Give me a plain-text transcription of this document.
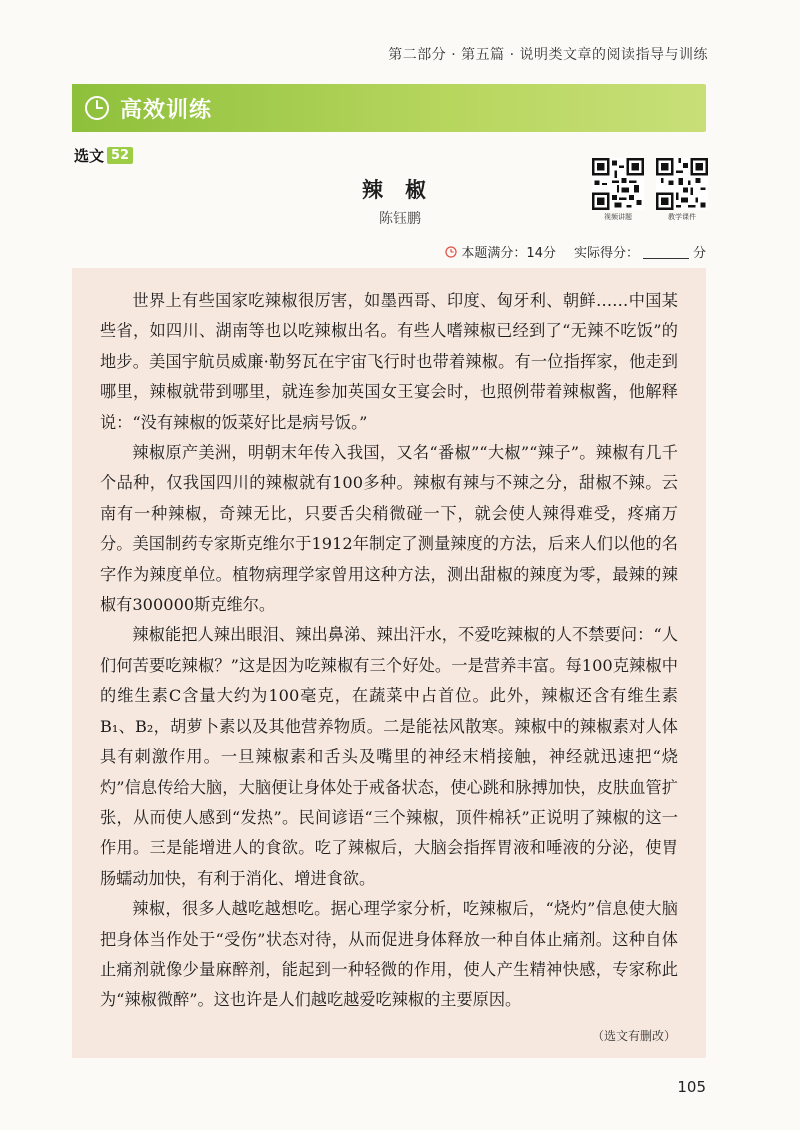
第二部分 · 第五篇 · 说明类文章的阅读指导与训练
高效训练
选文 52
辣椒
陈钰鹏	视频讲题	教学课件
本题满分：14分 实际得分：	分

世界上有些国家吃辣椒很厉害，如墨西哥、印度、匈牙利、朝鲜……中国某些省，如四川、湖南等也以吃辣椒出名。有些人嗜辣椒已经到了“无辣不吃饭”的地步。美国宇航员威廉·勒努瓦在宇宙飞行时也带着辣椒。有一位指挥家，他走到哪里，辣椒就带到哪里，就连参加英国女王宴会时，也照例带着辣椒酱，他解释说：“没有辣椒的饭菜好比是病号饭。”

辣椒原产美洲，明朝末年传入我国，又名“番椒”“大椒”“辣子”。辣椒有几千个品种，仅我国四川的辣椒就有100多种。辣椒有辣与不辣之分，甜椒不辣。云南有一种辣椒，奇辣无比，只要舌尖稍微碰一下，就会使人辣得难受，疼痛万分。美国制药专家斯克维尔于1912年制定了测量辣度的方法，后来人们以他的名字作为辣度单位。植物病理学家曾用这种方法，测出甜椒的辣度为零，最辣的辣椒有300000斯克维尔。

辣椒能把人辣出眼泪、辣出鼻涕、辣出汗水，不爱吃辣椒的人不禁要问：“人们何苦要吃辣椒？”这是因为吃辣椒有三个好处。一是营养丰富。每100克辣椒中的维生素C含量大约为100毫克，在蔬菜中占首位。此外，辣椒还含有维生素B₁、B₂，胡萝卜素以及其他营养物质。二是能祛风散寒。辣椒中的辣椒素对人体具有刺激作用。一旦辣椒素和舌头及嘴里的神经末梢接触，神经就迅速把“烧灼”信息传给大脑，大脑便让身体处于戒备状态，使心跳和脉搏加快，皮肤血管扩张，从而使人感到“发热”。民间谚语“三个辣椒，顶件棉袄”正说明了辣椒的这一作用。三是能增进人的食欲。吃了辣椒后，大脑会指挥胃液和唾液的分泌，使胃肠蠕动加快，有利于消化、增进食欲。

辣椒，很多人越吃越想吃。据心理学家分析，吃辣椒后，“烧灼”信息使大脑把身体当作处于“受伤”状态对待，从而促进身体释放一种自体止痛剂。这种自体止痛剂就像少量麻醉剂，能起到一种轻微的作用，使人产生精神快感，专家称此为“辣椒微醉”。这也许是人们越吃越爱吃辣椒的主要原因。

（选文有删改）
105
